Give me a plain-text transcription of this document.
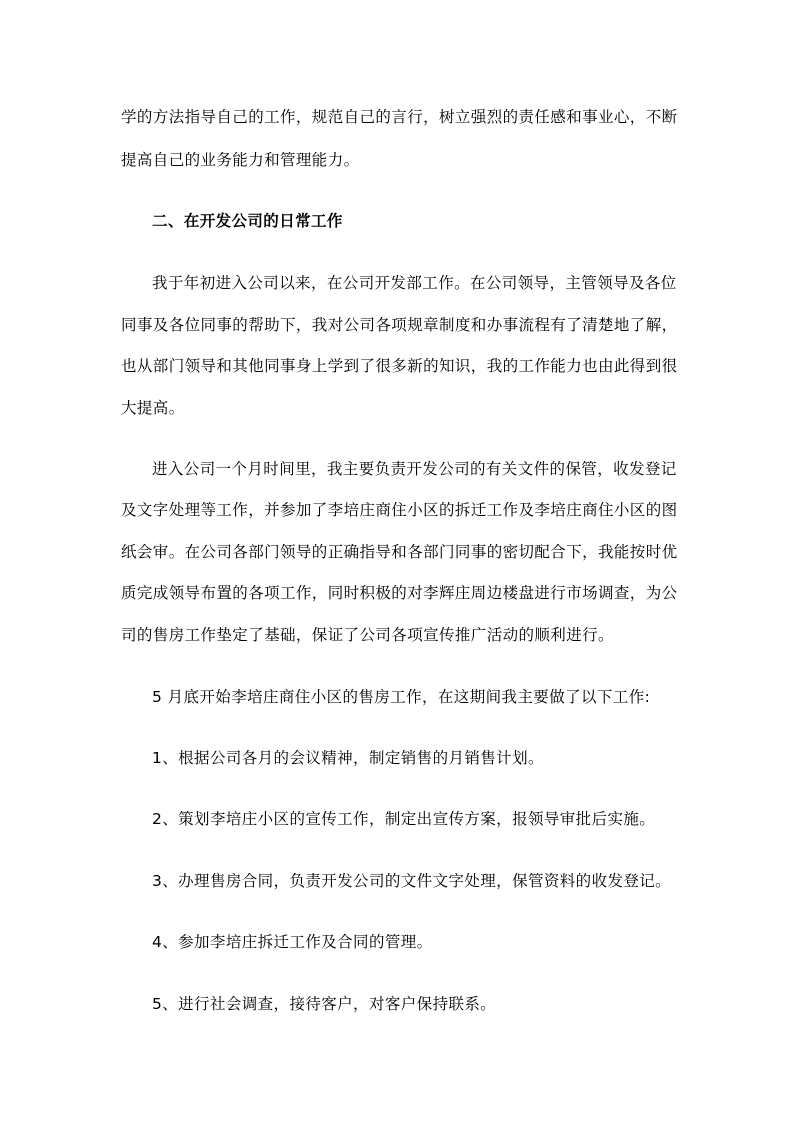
学的方法指导自己的工作，规范自己的言行，树立强烈的责任感和事业心，不断
提高自己的业务能力和管理能力。
二、在开发公司的日常工作
我于年初进入公司以来，在公司开发部工作。在公司领导，主管领导及各位
同事及各位同事的帮助下，我对公司各项规章制度和办事流程有了清楚地了解，
也从部门领导和其他同事身上学到了很多新的知识，我的工作能力也由此得到很
大提高。
进入公司一个月时间里，我主要负责开发公司的有关文件的保管，收发登记
及文字处理等工作，并参加了李培庄商住小区的拆迁工作及李培庄商住小区的图
纸会审。在公司各部门领导的正确指导和各部门同事的密切配合下，我能按时优
质完成领导布置的各项工作，同时积极的对李辉庄周边楼盘进行市场调查，为公
司的售房工作垫定了基础，保证了公司各项宣传推广活动的顺利进行。
5 月底开始李培庄商住小区的售房工作，在这期间我主要做了以下工作:
1、根据公司各月的会议精神，制定销售的月销售计划。
2、策划李培庄小区的宣传工作，制定出宣传方案，报领导审批后实施。
3、办理售房合同，负责开发公司的文件文字处理，保管资料的收发登记。
4、参加李培庄拆迁工作及合同的管理。
5、进行社会调查，接待客户，对客户保持联系。
